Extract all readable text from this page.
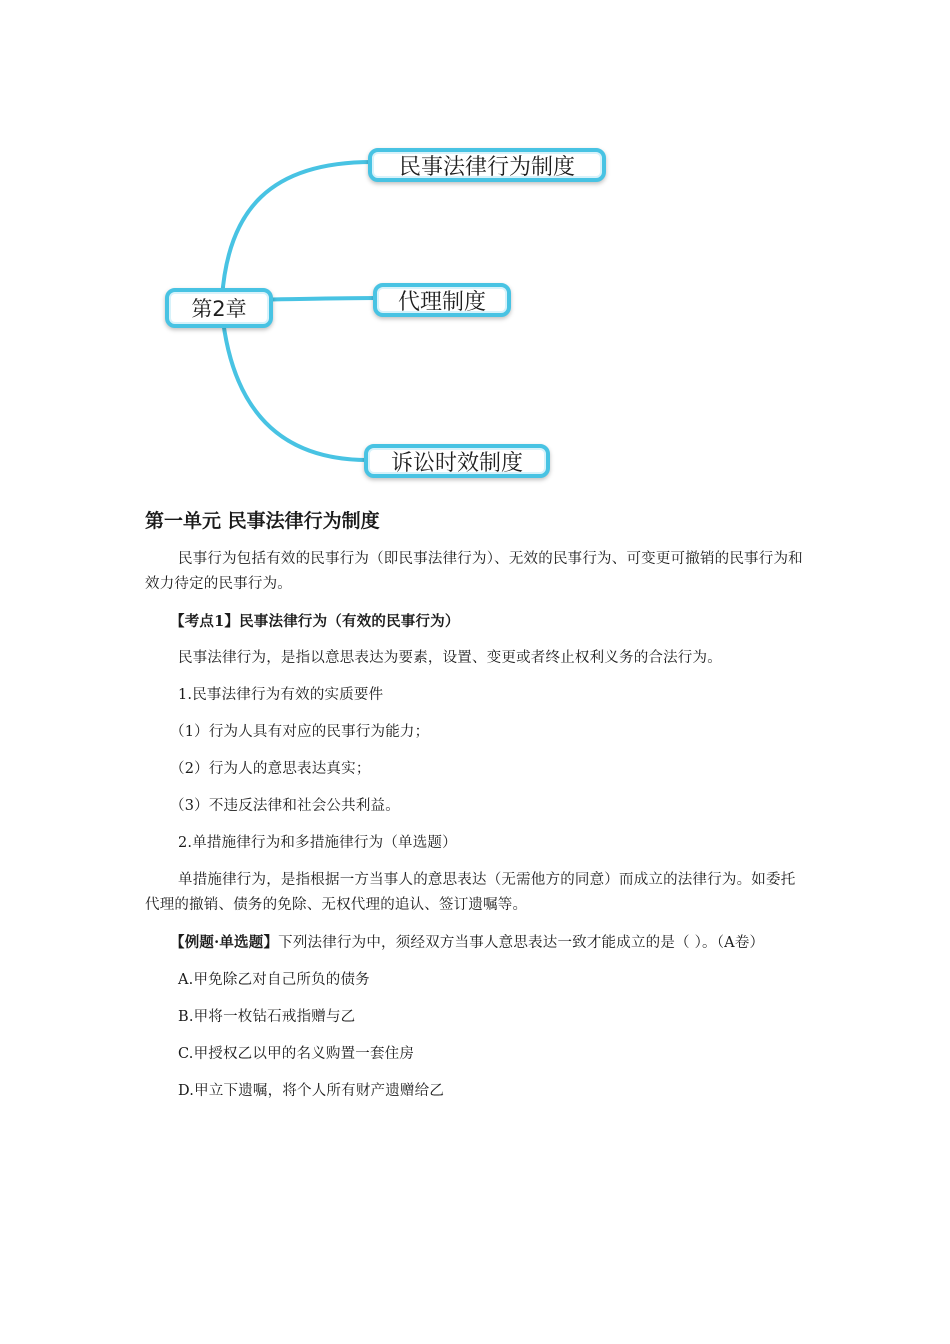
第2章
民事法律行为制度
代理制度
诉讼时效制度
第一单元 民事法律行为制度
民事行为包括有效的民事行为（即民事法律行为）、无效的民事行为、可变更可撤销的民事行为和效力待定的民事行为。
【考点1】民事法律行为（有效的民事行为）
民事法律行为，是指以意思表达为要素，设置、变更或者终止权利义务的合法行为。
1.民事法律行为有效的实质要件
（1）行为人具有对应的民事行为能力；
（2）行为人的意思表达真实；
（3）不违反法律和社会公共利益。
2.单措施律行为和多措施律行为（单选题）
单措施律行为，是指根据一方当事人的意思表达（无需他方的同意）而成立的法律行为。如委托代理的撤销、债务的免除、无权代理的追认、签订遗嘱等。
【例题·单选题】下列法律行为中，须经双方当事人意思表达一致才能成立的是（ ）。（A卷）
A.甲免除乙对自己所负的债务
B.甲将一枚钻石戒指赠与乙
C.甲授权乙以甲的名义购置一套住房
D.甲立下遗嘱，将个人所有财产遗赠给乙
